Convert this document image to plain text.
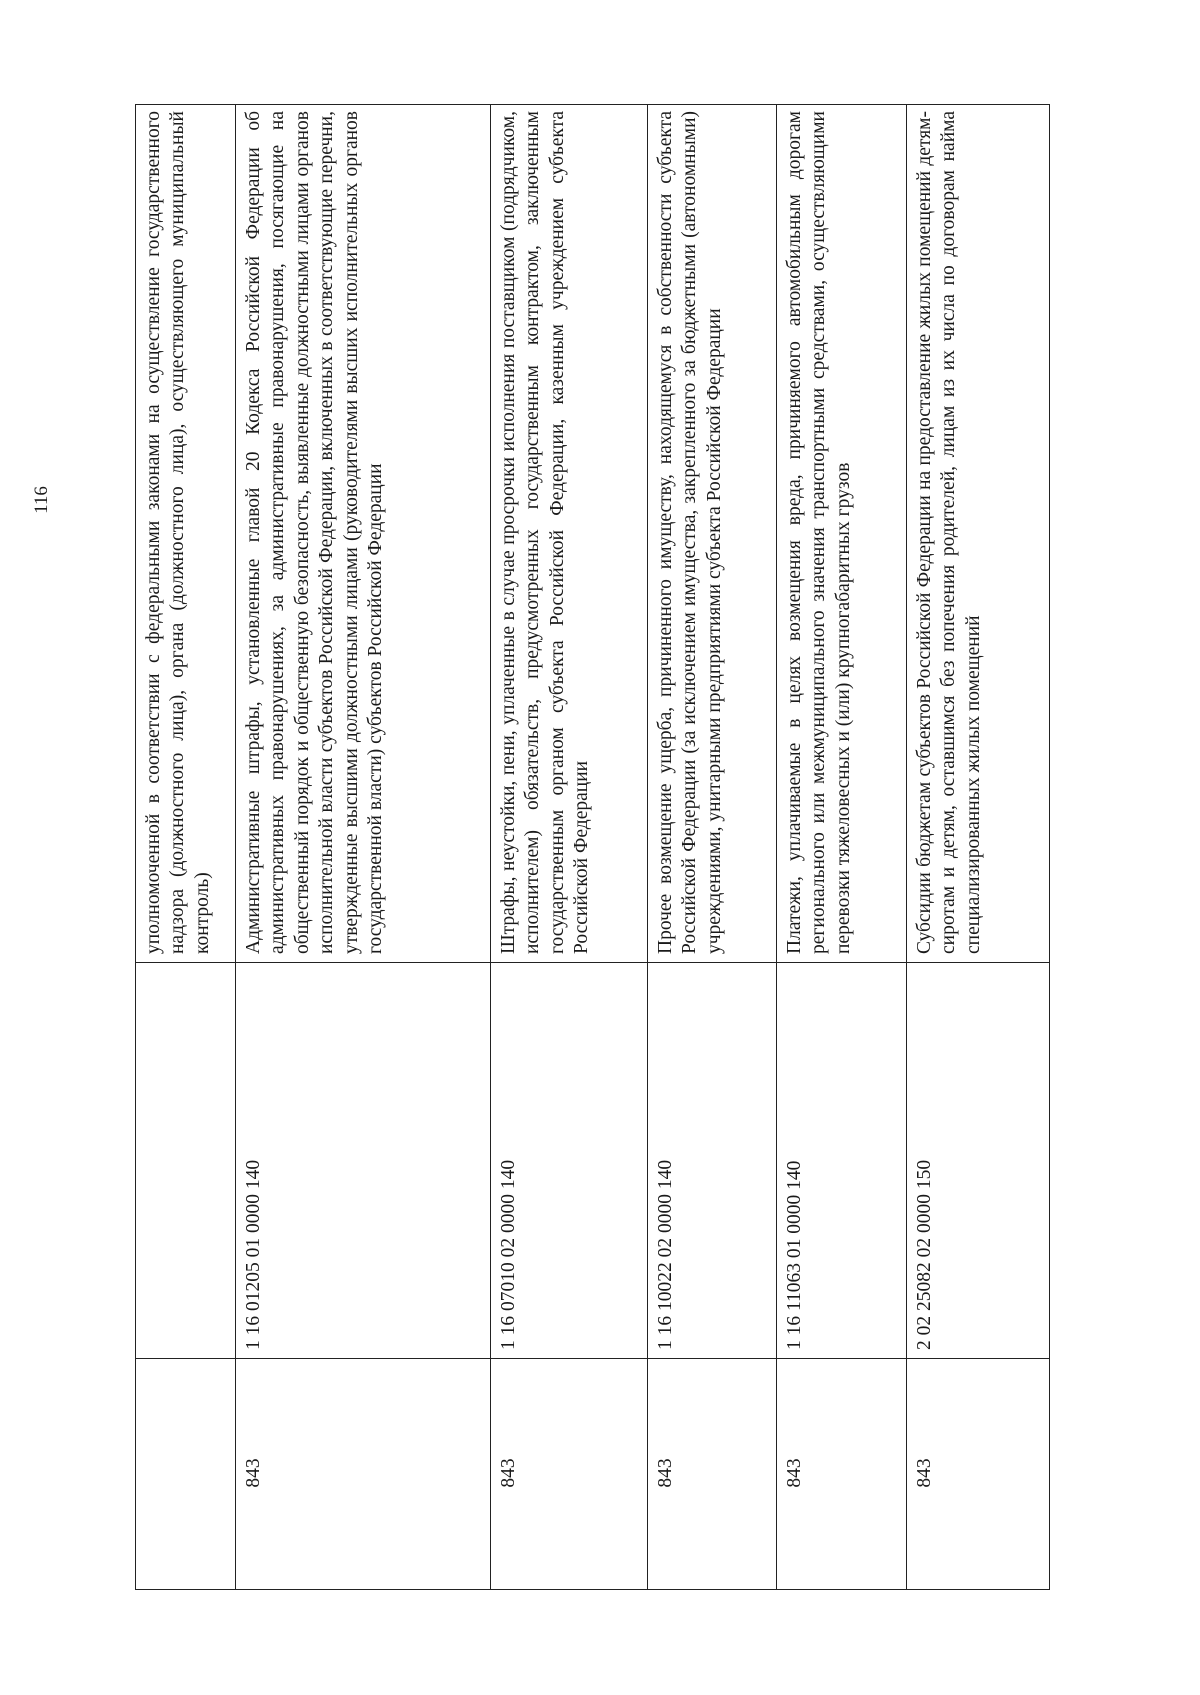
116
			уполномоченной в соответствии с федеральными законами на осуществление государственного надзора (должностного лица), органа (должностного лица), осуществляющего муниципальный контроль)
843	1 16 01205 01 0000 140	Административные штрафы, установленные главой 20 Кодекса Российской Федерации об административных правонарушениях, за административные правонарушения, посягающие на общественный порядок и общественную безопасность, выявленные должностными лицами органов исполнительной власти субъектов Российской Федерации, включенных в соответствующие перечни, утвержденные высшими должностными лицами (руководителями высших исполнительных органов государственной власти) субъектов Российской Федерации
843	1 16 07010 02 0000 140	Штрафы, неустойки, пени, уплаченные в случае просрочки исполнения поставщиком (подрядчиком, исполнителем) обязательств, предусмотренных государственным контрактом, заключенным государственным органом субъекта Российской Федерации, казенным учреждением субъекта Российской Федерации
843	1 16 10022 02 0000 140	Прочее возмещение ущерба, причиненного имуществу, находящемуся в собственности субъекта Российской Федерации (за исключением имущества, закрепленного за бюджетными (автономными) учреждениями, унитарными предприятиями субъекта Российской Федерации
843	1 16 11063 01 0000 140	Платежи, уплачиваемые в целях возмещения вреда, причиняемого автомобильным дорогам регионального или межмуниципального значения транспортными средствами, осуществляющими перевозки тяжеловесных и (или) крупногабаритных грузов
843	2 02 25082 02 0000 150	Субсидии бюджетам субъектов Российской Федерации на предоставление жилых помещений детям-сиротам и детям, оставшимся без попечения родителей, лицам из их числа по договорам найма специализированных жилых помещений
